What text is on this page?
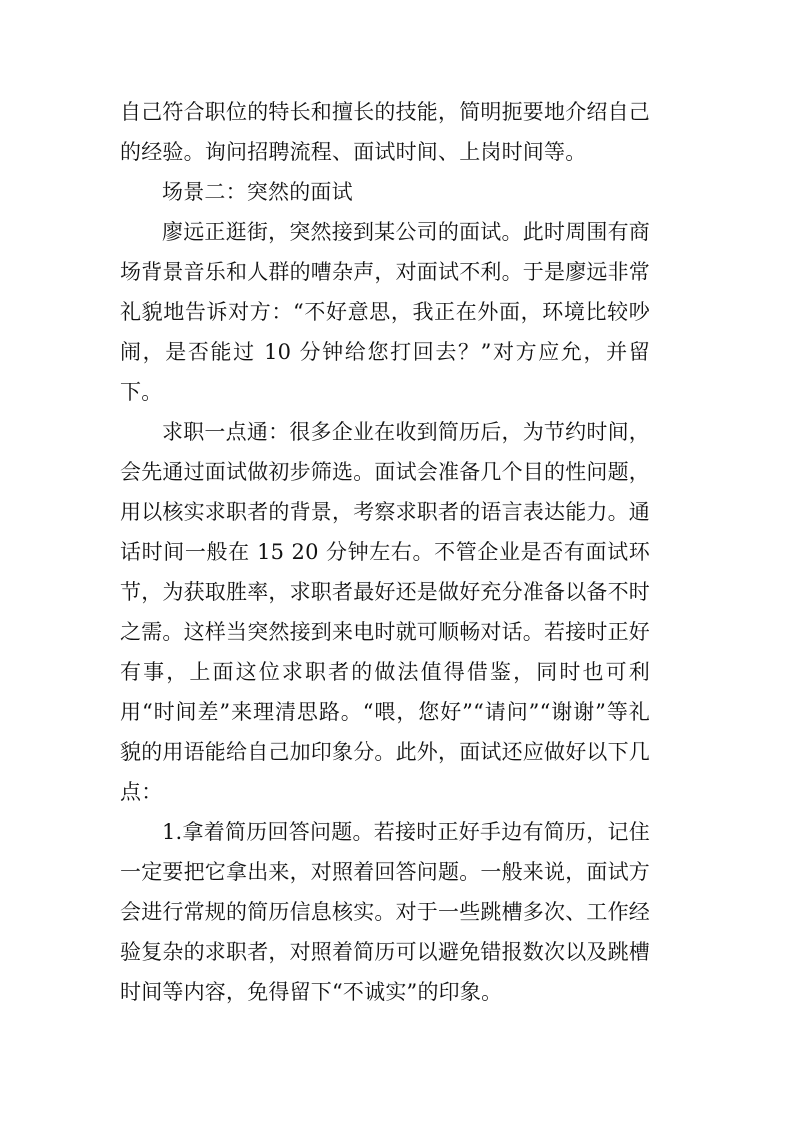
自己符合职位的特长和擅长的技能，简明扼要地介绍自己的经验。询问招聘流程、面试时间、上岗时间等。

场景二：突然的面试

廖远正逛街，突然接到某公司的面试。此时周围有商场背景音乐和人群的嘈杂声，对面试不利。于是廖远非常礼貌地告诉对方：“不好意思，我正在外面，环境比较吵闹，是否能过 10 分钟给您打回去？”对方应允，并留下。

求职一点通：很多企业在收到简历后，为节约时间，会先通过面试做初步筛选。面试会准备几个目的性问题，用以核实求职者的背景，考察求职者的语言表达能力。通话时间一般在 15 20 分钟左右。不管企业是否有面试环节，为获取胜率，求职者最好还是做好充分准备以备不时之需。这样当突然接到来电时就可顺畅对话。若接时正好有事，上面这位求职者的做法值得借鉴，同时也可利用“时间差”来理清思路。“喂，您好”“请问”“谢谢”等礼貌的用语能给自己加印象分。此外，面试还应做好以下几点：

1.拿着简历回答问题。若接时正好手边有简历，记住一定要把它拿出来，对照着回答问题。一般来说，面试方会进行常规的简历信息核实。对于一些跳槽多次、工作经验复杂的求职者，对照着简历可以避免错报数次以及跳槽时间等内容，免得留下“不诚实”的印象。
